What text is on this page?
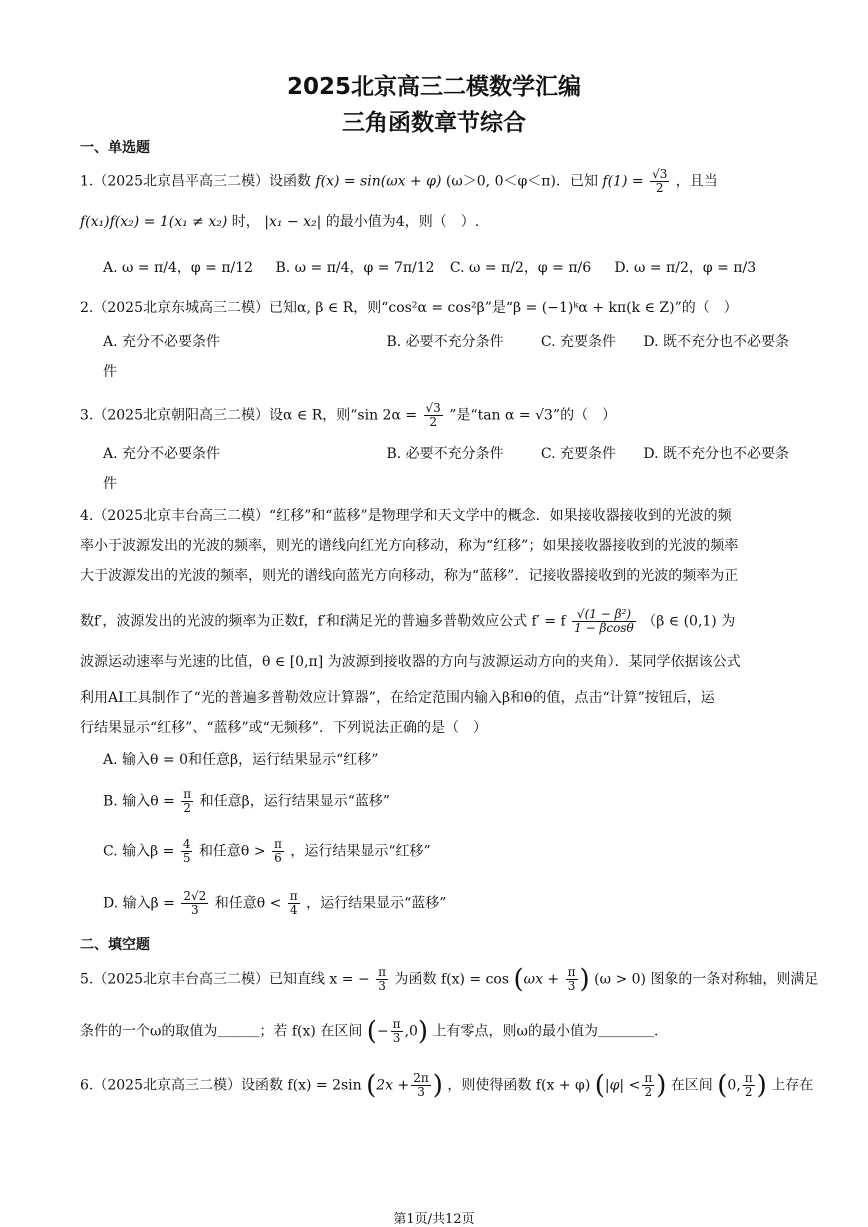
2025北京高三二模数学汇编
三角函数章节综合
一、单选题
1.（2025北京昌平高三二模）设函数 f(x) = sin(ωx + φ) (ω＞0, 0＜φ＜π)．已知 $f(1) = \frac{√3}{2}$ ，且当
f(x₁)f(x₂) = 1(x₁ ≠ x₂) 时， |x₁ − x₂| 的最小值为4，则（　）.
A. ω = π/4，φ = π/12 B. ω = π/4，φ = 7π/12 C. ω = π/2，φ = π/6 D. ω = π/2，φ = π/3
2.（2025北京东城高三二模）已知α, β ∈ R，则“cos²α = cos²β”是“β = (−1)ᵏα + kπ(k ∈ Z)”的（　）
A. 充分不必要条件	B. 必要不充分条件	C. 充要条件 D. 既不充分也不必要条
件
3.（2025北京朝阳高三二模）设α ∈ R，则“sin $2\alpha = \frac{√3}{2}$ ”是“tan α = √3”的（　）
A. 充分不必要条件	B. 必要不充分条件	C. 充要条件 D. 既不充分也不必要条
件
4.（2025北京丰台高三二模）“红移”和“蓝移”是物理学和天文学中的概念．如果接收器接收到的光波的频
率小于波源发出的光波的频率，则光的谱线向红光方向移动，称为“红移”；如果接收器接收到的光波的频率
大于波源发出的光波的频率，则光的谱线向蓝光方向移动，称为“蓝移”．记接收器接收到的光波的频率为正
数f′，波源发出的光波的频率为正数f，f′和f满足光的普遍多普勒效应公式 f′ = f $\frac{\text{√(1 − β²)}}{1 - \beta\cos\theta} (\beta$ ∈ (0,1) 为
波源运动速率与光速的比值，θ ∈ [0,π] 为波源到接收器的方向与波源运动方向的夹角）．某同学依据该公式
利用AI工具制作了“光的普遍多普勒效应计算器”，在给定范围内输入β和θ的值，点击“计算”按钮后，运
行结果显示“红移”、“蓝移”或“无频移”．下列说法正确的是（　）
A. 输入θ = 0和任意β，运行结果显示“红移”
B. 输入$\theta = \frac{\pi}{2}$ 和任意β，运行结果显示“蓝移”
C. 输入$\beta = \frac{4}{5}$ 和任意$\theta > \frac{\pi}{6}$ ，运行结果显示“红移”
D. 输入$\beta = \frac{2√2}{3}$ 和任意$\theta < \frac{\pi}{4}$ ，运行结果显示“蓝移”
二、填空题
5.（2025北京丰台高三二模）已知直线 x = − $\frac{\pi}{3}$ 为函数 $f(x) = \cos (\omega x + \frac{\pi}{3}$ ) (ω > 0) 图象的一条对称轴，则满足
条件的一个ω的取值为＿＿＿；若 f(x) 在区间 (− $\frac{\pi}{3} ,0$) 上有零点，则ω的最小值为＿＿＿＿．
6.（2025北京高三二模）设函数 f(x) = 2sin ($2x + \frac{2\pi}{3}$ ) ，则使得函数 f(x + φ) ($|\varphi| < \frac{\pi}{2}$ ) 在区间 (0, $\frac{\pi}{2}$ ) 上存在
第1页/共12页
